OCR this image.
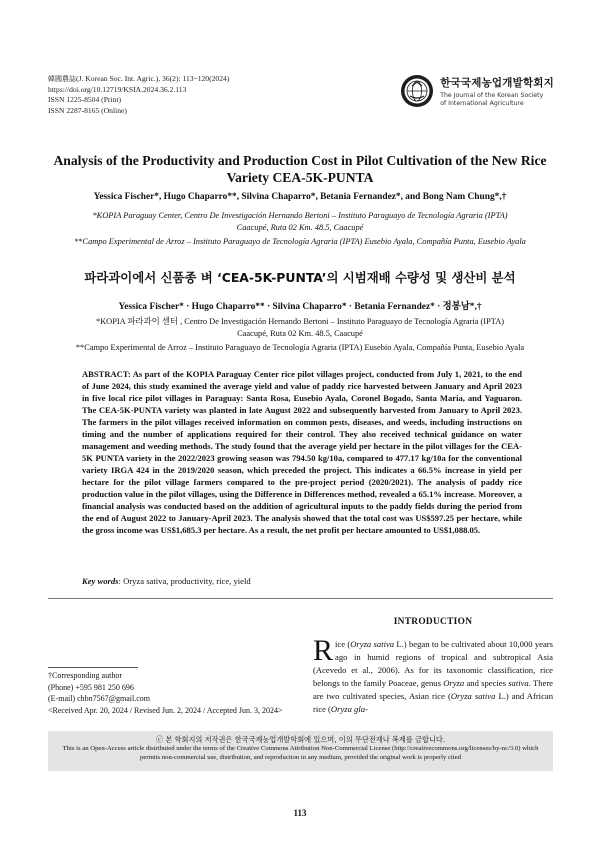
韓國農誌(J. Korean Soc. Int. Agric.), 36(2): 113~120(2024)
https://doi.org/10.12719/KSIA.2024.36.2.113
ISSN 1225-8504 (Print)
ISSN 2287-8165 (Online)
한국국제농업개발학회지
The Journal of the Korean Society
of International Agriculture
Analysis of the Productivity and Production Cost in Pilot Cultivation of the New Rice Variety CEA-5K-PUNTA
Yessica Fischer*, Hugo Chaparro**, Silvina Chaparro*, Betania Fernandez*, and Bong Nam Chung*,†
*KOPIA Paraguay Center, Centro De Investigación Hernando Bertoni – Instituto Paraguayo de Tecnología Agraria (IPTA)
Caacupé, Ruta 02 Km. 48.5, Caacupé
**Campo Experimental de Arroz – Instituto Paraguayo de Tecnología Agraria (IPTA) Eusebio Ayala, Compañía Punta, Eusebio Ayala
파라과이에서 신품종 벼 ‘CEA-5K-PUNTA’의 시범재배 수량성 및 생산비 분석
Yessica Fischer* · Hugo Chaparro** · Silvina Chaparro* · Betania Fernandez* · 정봉남*,†
*KOPIA 파라과이 센터 , Centro De Investigación Hernando Bertoni – Instituto Paraguayo de Tecnología Agraria (IPTA)
Caacupé, Ruta 02 Km. 48.5, Caacupé
**Campo Experimental de Arroz – Instituto Paraguayo de Tecnología Agraria (IPTA) Eusebio Ayala, Compañía Punta, Eusebio Ayala
ABSTRACT: As part of the KOPIA Paraguay Center rice pilot villages project, conducted from July 1, 2021, to the end of June 2024, this study examined the average yield and value of paddy rice harvested between January and April 2023 in five local rice pilot villages in Paraguay: Santa Rosa, Eusebio Ayala, Coronel Bogado, Santa Maria, and Yaguaron. The CEA-5K-PUNTA variety was planted in late August 2022 and subsequently harvested from January to April 2023. The farmers in the pilot villages received information on common pests, diseases, and weeds, including instructions on timing and the number of applications required for their control. They also received technical guidance on water management and weeding methods. The study found that the average yield per hectare in the pilot villages for the CEA-5K PUNTA variety in the 2022/2023 growing season was 794.50 kg/10a, compared to 477.17 kg/10a for the conventional variety IRGA 424 in the 2019/2020 season, which preceded the project. This indicates a 66.5% increase in yield per hectare for the pilot village farmers compared to the pre-project period (2020/2021). The analysis of paddy rice production value in the pilot villages, using the Difference in Differences method, revealed a 65.1% increase. Moreover, a financial analysis was conducted based on the addition of agricultural inputs to the paddy fields during the period from the end of August 2022 to January-April 2023. The analysis showed that the total cost was US$597.25 per hectare, while the gross income was US$1,685.3 per hectare. As a result, the net profit per hectare amounted to US$1,088.05.
Key words: Oryza sativa, productivity, rice, yield
INTRODUCTION
Rice (Oryza sativa L.) began to be cultivated about 10,000 years ago in humid regions of tropical and subtropical Asia (Acevedo et al., 2006). As for its taxonomic classification, rice belongs to the family Poaceae, genus Oryza and species sativa. There are two cultivated species, Asian rice (Oryza sativa L.) and African rice (Oryza gla-
†Corresponding author
(Phone) +595 981 250 696
(E-mail) chbn7567@gmail.com
<Received Apr. 20, 2024 / Revised Jun. 2, 2024 / Accepted Jun. 3, 2024>
ⓒ 본 학회지의 저작권은 한국국제농업개발학회에 있으며, 이의 무단전재나 복제를 금합니다.
This is an Open-Access article distributed under the terms of the Creative Commons Attribution Non-Commercial License (http://creativecommons.org/licenses/by-nc/3.0) which
permits non-commercial use, distribution, and reproduction in any medium, provided the original work is properly cited
113
